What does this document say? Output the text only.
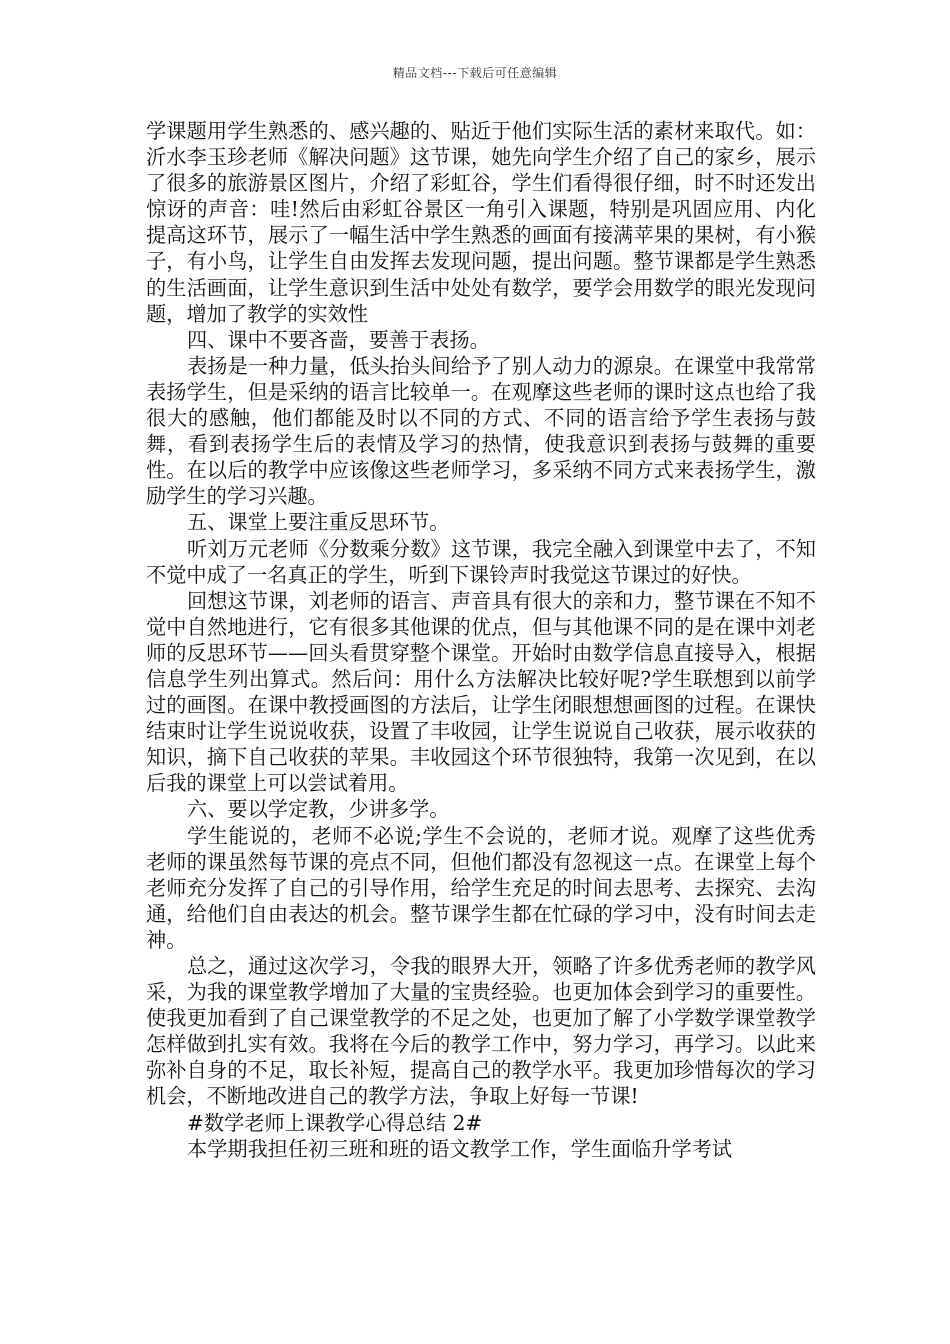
精品文档---下载后可任意编辑

学课题用学生熟悉的、感兴趣的、贴近于他们实际生活的素材来取代。如：沂水李玉珍老师《解决问题》这节课，她先向学生介绍了自己的家乡，展示了很多的旅游景区图片，介绍了彩虹谷，学生们看得很仔细，时不时还发出惊讶的声音：哇!然后由彩虹谷景区一角引入课题，特别是巩固应用、内化提高这环节，展示了一幅生活中学生熟悉的画面有接满苹果的果树，有小猴子，有小鸟，让学生自由发挥去发现问题，提出问题。整节课都是学生熟悉的生活画面，让学生意识到生活中处处有数学，要学会用数学的眼光发现问题，增加了教学的实效性

四、课中不要吝啬，要善于表扬。

表扬是一种力量，低头抬头间给予了别人动力的源泉。在课堂中我常常表扬学生，但是采纳的语言比较单一。在观摩这些老师的课时这点也给了我很大的感触，他们都能及时以不同的方式、不同的语言给予学生表扬与鼓舞，看到表扬学生后的表情及学习的热情，使我意识到表扬与鼓舞的重要性。在以后的教学中应该像这些老师学习，多采纳不同方式来表扬学生，激励学生的学习兴趣。

五、课堂上要注重反思环节。

听刘万元老师《分数乘分数》这节课，我完全融入到课堂中去了，不知不觉中成了一名真正的学生，听到下课铃声时我觉这节课过的好快。

回想这节课，刘老师的语言、声音具有很大的亲和力，整节课在不知不觉中自然地进行，它有很多其他课的优点，但与其他课不同的是在课中刘老师的反思环节——回头看贯穿整个课堂。开始时由数学信息直接导入，根据信息学生列出算式。然后问：用什么方法解决比较好呢?学生联想到以前学过的画图。在课中教授画图的方法后，让学生闭眼想想画图的过程。在课快结束时让学生说说收获，设置了丰收园，让学生说说自己收获，展示收获的知识，摘下自己收获的苹果。丰收园这个环节很独特，我第一次见到，在以后我的课堂上可以尝试着用。

六、要以学定教，少讲多学。

学生能说的，老师不必说;学生不会说的，老师才说。观摩了这些优秀老师的课虽然每节课的亮点不同，但他们都没有忽视这一点。在课堂上每个老师充分发挥了自己的引导作用，给学生充足的时间去思考、去探究、去沟通，给他们自由表达的机会。整节课学生都在忙碌的学习中，没有时间去走神。

总之，通过这次学习，令我的眼界大开，领略了许多优秀老师的教学风采，为我的课堂教学增加了大量的宝贵经验。也更加体会到学习的重要性。使我更加看到了自己课堂教学的不足之处，也更加了解了小学数学课堂教学怎样做到扎实有效。我将在今后的教学工作中，努力学习，再学习。以此来弥补自身的不足，取长补短，提高自己的教学水平。我更加珍惜每次的学习机会，不断地改进自己的教学方法，争取上好每一节课!

#数学老师上课教学心得总结 2#

本学期我担任初三班和班的语文教学工作，学生面临升学考试
